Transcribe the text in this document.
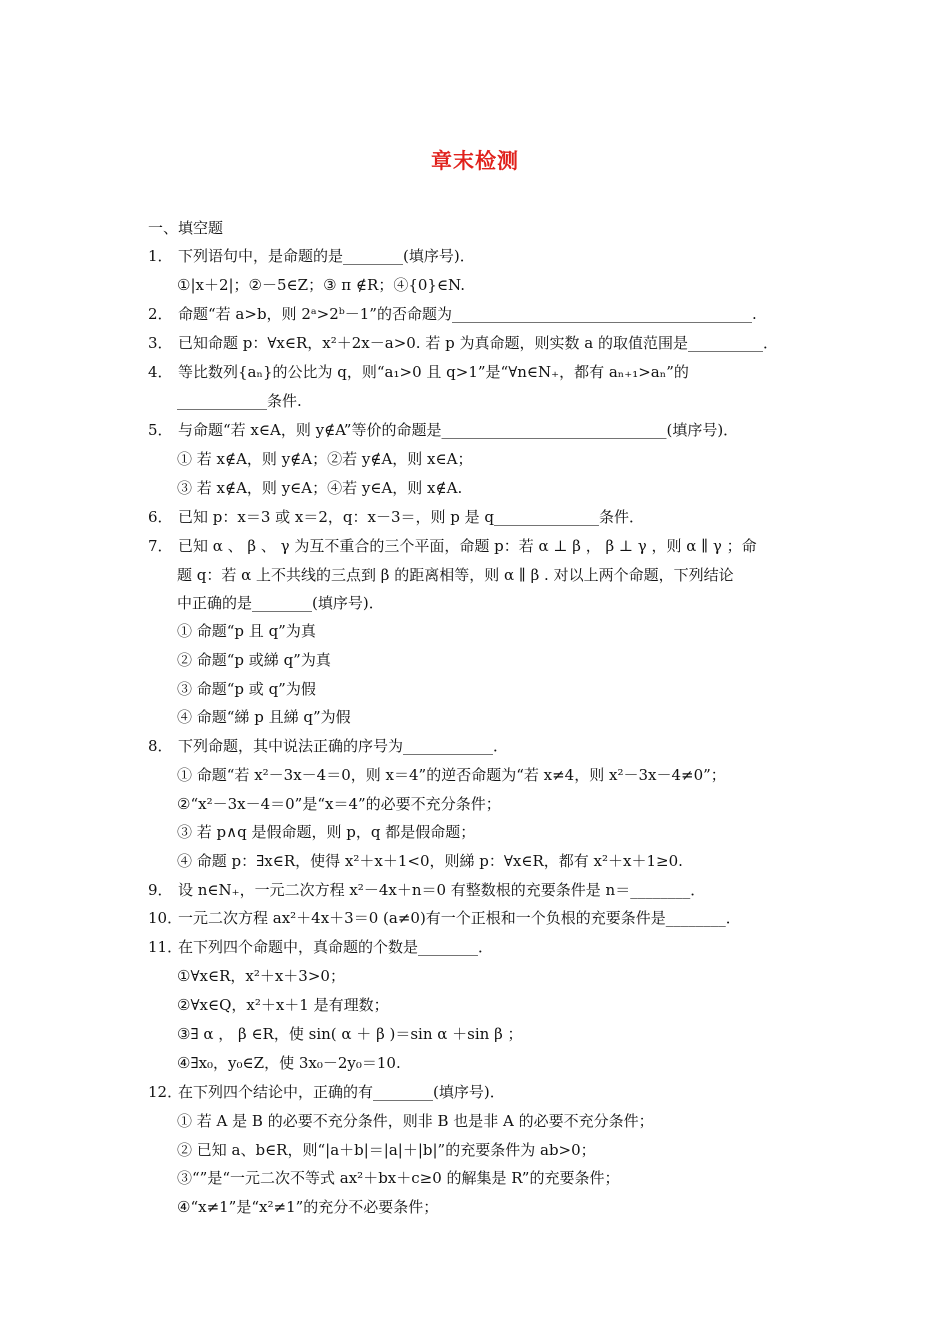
章末检测
一、填空题
1． 下列语句中，是命题的是________(填序号)．
①|x＋2|；②－5∈Z；③ π ∉R；④{0}∈N.
2． 命题“若 a>b，则 2ᵃ>2ᵇ－1”的否命题为________________________________________.
3． 已知命题 p：∀x∈R，x²＋2x－a>0. 若 p 为真命题，则实数 a 的取值范围是__________．
4． 等比数列{aₙ}的公比为 q，则“a₁>0 且 q>1”是“∀n∈N₊，都有 aₙ₊₁>aₙ”的
____________条件.
5． 与命题“若 x∈A，则 y∉A”等价的命题是______________________________(填序号)．
① 若 x∉A，则 y∉A；②若 y∉A，则 x∈A；
③ 若 x∉A，则 y∈A；④若 y∈A，则 x∉A.
6． 已知 p：x＝3 或 x＝2，q：x－3＝，则 p 是 q______________条件．
7． 已知 α 、 β 、 γ 为互不重合的三个平面，命题 p：若 α ⊥ β ， β ⊥ γ ，则 α ∥ γ ；命
题 q：若 α 上不共线的三点到 β 的距离相等，则 α ∥ β . 对以上两个命题，下列结论
中正确的是________(填序号)．
① 命题“p 且 q”为真
② 命题“p 或綈 q”为真
③ 命题“p 或 q”为假
④ 命题“綈 p 且綈 q”为假
8． 下列命题，其中说法正确的序号为____________．
① 命题“若 x²－3x－4＝0，则 x＝4”的逆否命题为“若 x≠4，则 x²－3x－4≠0”；
②“x²－3x－4＝0”是“x＝4”的必要不充分条件；
③ 若 p∧q 是假命题，则 p，q 都是假命题；
④ 命题 p：∃x∈R，使得 x²＋x＋1<0，则綈 p：∀x∈R，都有 x²＋x＋1≥0.
9． 设 n∈N₊，一元二次方程 x²－4x＋n＝0 有整数根的充要条件是 n＝________．
10．一元二次方程 ax²＋4x＋3＝0 (a≠0)有一个正根和一个负根的充要条件是________．
11．在下列四个命题中，真命题的个数是________．
①∀x∈R，x²＋x＋3>0；
②∀x∈Q，x²＋x＋1 是有理数；
③∃ α ， β ∈R，使 sin( α ＋ β )＝sin α ＋sin β ；
④∃x₀，y₀∈Z，使 3x₀－2y₀＝10.
12．在下列四个结论中，正确的有________(填序号)．
① 若 A 是 B 的必要不充分条件，则非 B 也是非 A 的必要不充分条件；
② 已知 a、b∈R，则“|a＋b|＝|a|＋|b|”的充要条件为 ab>0；
③“”是“一元二次不等式 ax²＋bx＋c≥0 的解集是 R”的充要条件；
④“x≠1”是“x²≠1”的充分不必要条件；
